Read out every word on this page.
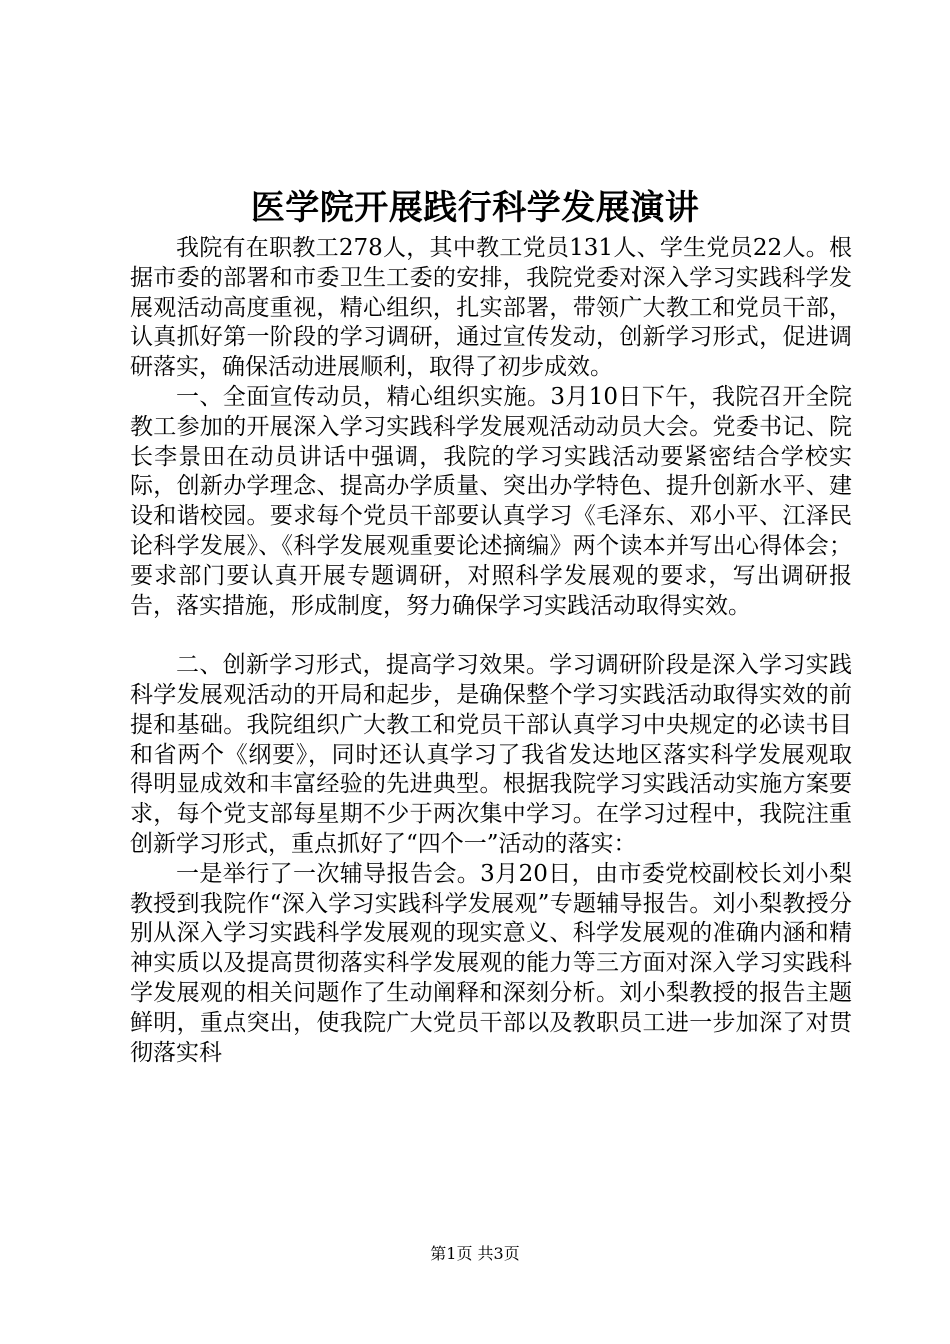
医学院开展践行科学发展演讲

我院有在职教工278人，其中教工党员131人、学生党员22人。根据市委的部署和市委卫生工委的安排，我院党委对深入学习实践科学发展观活动高度重视，精心组织，扎实部署，带领广大教工和党员干部，认真抓好第一阶段的学习调研，通过宣传发动，创新学习形式，促进调研落实，确保活动进展顺利，取得了初步成效。

一、全面宣传动员，精心组织实施。3月10日下午，我院召开全院教工参加的开展深入学习实践科学发展观活动动员大会。党委书记、院长李景田在动员讲话中强调，我院的学习实践活动要紧密结合学校实际，创新办学理念、提高办学质量、突出办学特色、提升创新水平、建设和谐校园。要求每个党员干部要认真学习《毛泽东、邓小平、江泽民论科学发展》、《科学发展观重要论述摘编》两个读本并写出心得体会；要求部门要认真开展专题调研，对照科学发展观的要求，写出调研报告，落实措施，形成制度，努力确保学习实践活动取得实效。

二、创新学习形式，提高学习效果。学习调研阶段是深入学习实践科学发展观活动的开局和起步，是确保整个学习实践活动取得实效的前提和基础。我院组织广大教工和党员干部认真学习中央规定的必读书目和省两个《纲要》，同时还认真学习了我省发达地区落实科学发展观取得明显成效和丰富经验的先进典型。根据我院学习实践活动实施方案要求，每个党支部每星期不少于两次集中学习。在学习过程中，我院注重创新学习形式，重点抓好了“四个一”活动的落实：

一是举行了一次辅导报告会。3月20日，由市委党校副校长刘小梨教授到我院作“深入学习实践科学发展观”专题辅导报告。刘小梨教授分别从深入学习实践科学发展观的现实意义、科学发展观的准确内涵和精神实质以及提高贯彻落实科学发展观的能力等三方面对深入学习实践科学发展观的相关问题作了生动阐释和深刻分析。刘小梨教授的报告主题鲜明，重点突出，使我院广大党员干部以及教职员工进一步加深了对贯彻落实科

第1页 共3页
